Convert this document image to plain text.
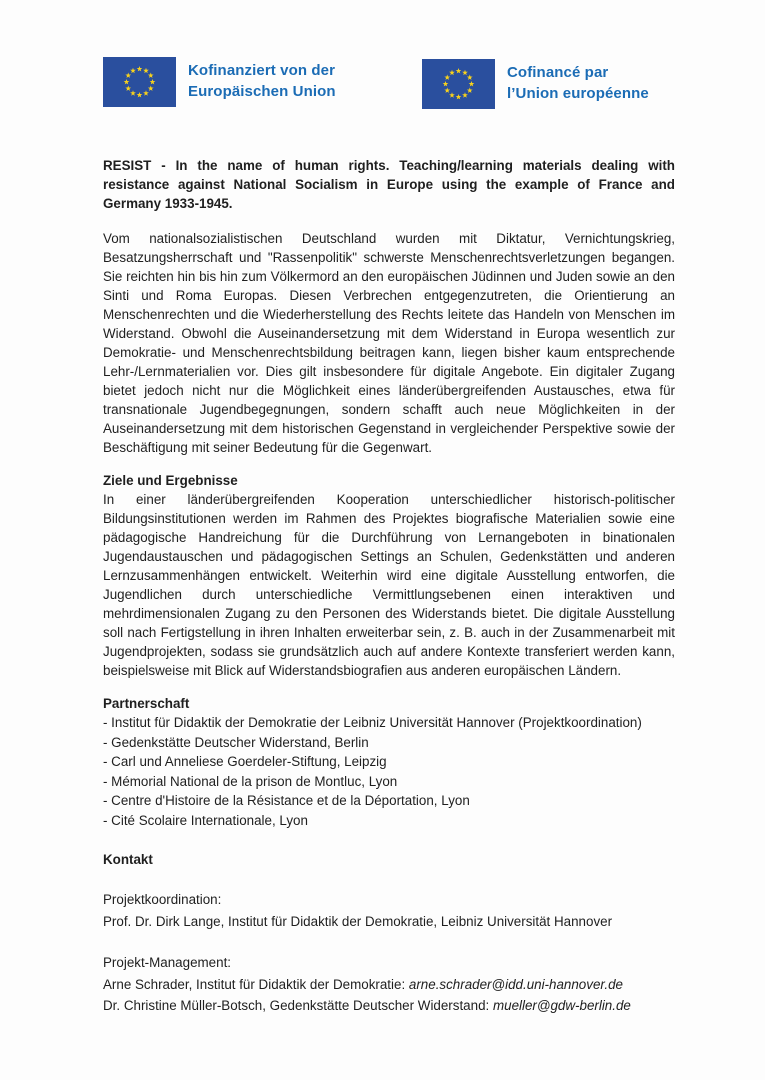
Kofinanziert von der
Europäischen Union
Cofinancé par
l’Union européenne
RESIST - In the name of human rights. Teaching/learning materials dealing with resistance against National Socialism in Europe using the example of France and Germany 1933-1945.

Vom nationalsozialistischen Deutschland wurden mit Diktatur, Vernichtungskrieg, Besatzungsherrschaft und "Rassenpolitik" schwerste Menschenrechtsverletzungen begangen. Sie reichten hin bis hin zum Völkermord an den europäischen Jüdinnen und Juden sowie an den Sinti und Roma Europas. Diesen Verbrechen entgegenzutreten, die Orientierung an Menschenrechten und die Wiederherstellung des Rechts leitete das Handeln von Menschen im Widerstand. Obwohl die Auseinandersetzung mit dem Widerstand in Europa wesentlich zur Demokratie- und Menschenrechtsbildung beitragen kann, liegen bisher kaum entsprechende Lehr-/Lernmaterialien vor. Dies gilt insbesondere für digitale Angebote. Ein digitaler Zugang bietet jedoch nicht nur die Möglichkeit eines länderübergreifenden Austausches, etwa für transnationale Jugendbegegnungen, sondern schafft auch neue Möglichkeiten in der Auseinandersetzung mit dem historischen Gegenstand in vergleichender Perspektive sowie der Beschäftigung mit seiner Bedeutung für die Gegenwart.

Ziele und Ergebnisse

In einer länderübergreifenden Kooperation unterschiedlicher historisch-politischer Bildungsinstitutionen werden im Rahmen des Projektes biografische Materialien sowie eine pädagogische Handreichung für die Durchführung von Lernangeboten in binationalen Jugendaustauschen und pädagogischen Settings an Schulen, Gedenkstätten und anderen Lernzusammenhängen entwickelt. Weiterhin wird eine digitale Ausstellung entworfen, die Jugendlichen durch unterschiedliche Vermittlungsebenen einen interaktiven und mehrdimensionalen Zugang zu den Personen des Widerstands bietet. Die digitale Ausstellung soll nach Fertigstellung in ihren Inhalten erweiterbar sein, z. B. auch in der Zusammenarbeit mit Jugendprojekten, sodass sie grundsätzlich auch auf andere Kontexte transferiert werden kann, beispielsweise mit Blick auf Widerstandsbiografien aus anderen europäischen Ländern.

Partnerschaft
- Institut für Didaktik der Demokratie der Leibniz Universität Hannover (Projektkoordination)
- Gedenkstätte Deutscher Widerstand, Berlin
- Carl und Anneliese Goerdeler-Stiftung, Leipzig
- Mémorial National de la prison de Montluc, Lyon
- Centre d'Histoire de la Résistance et de la Déportation, Lyon
- Cité Scolaire Internationale, Lyon
Kontakt

Projektkoordination:

Prof. Dr. Dirk Lange, Institut für Didaktik der Demokratie, Leibniz Universität Hannover

Projekt-Management:

Arne Schrader, Institut für Didaktik der Demokratie: arne.schrader@idd.uni-hannover.de

Dr. Christine Müller-Botsch, Gedenkstätte Deutscher Widerstand: mueller@gdw-berlin.de
